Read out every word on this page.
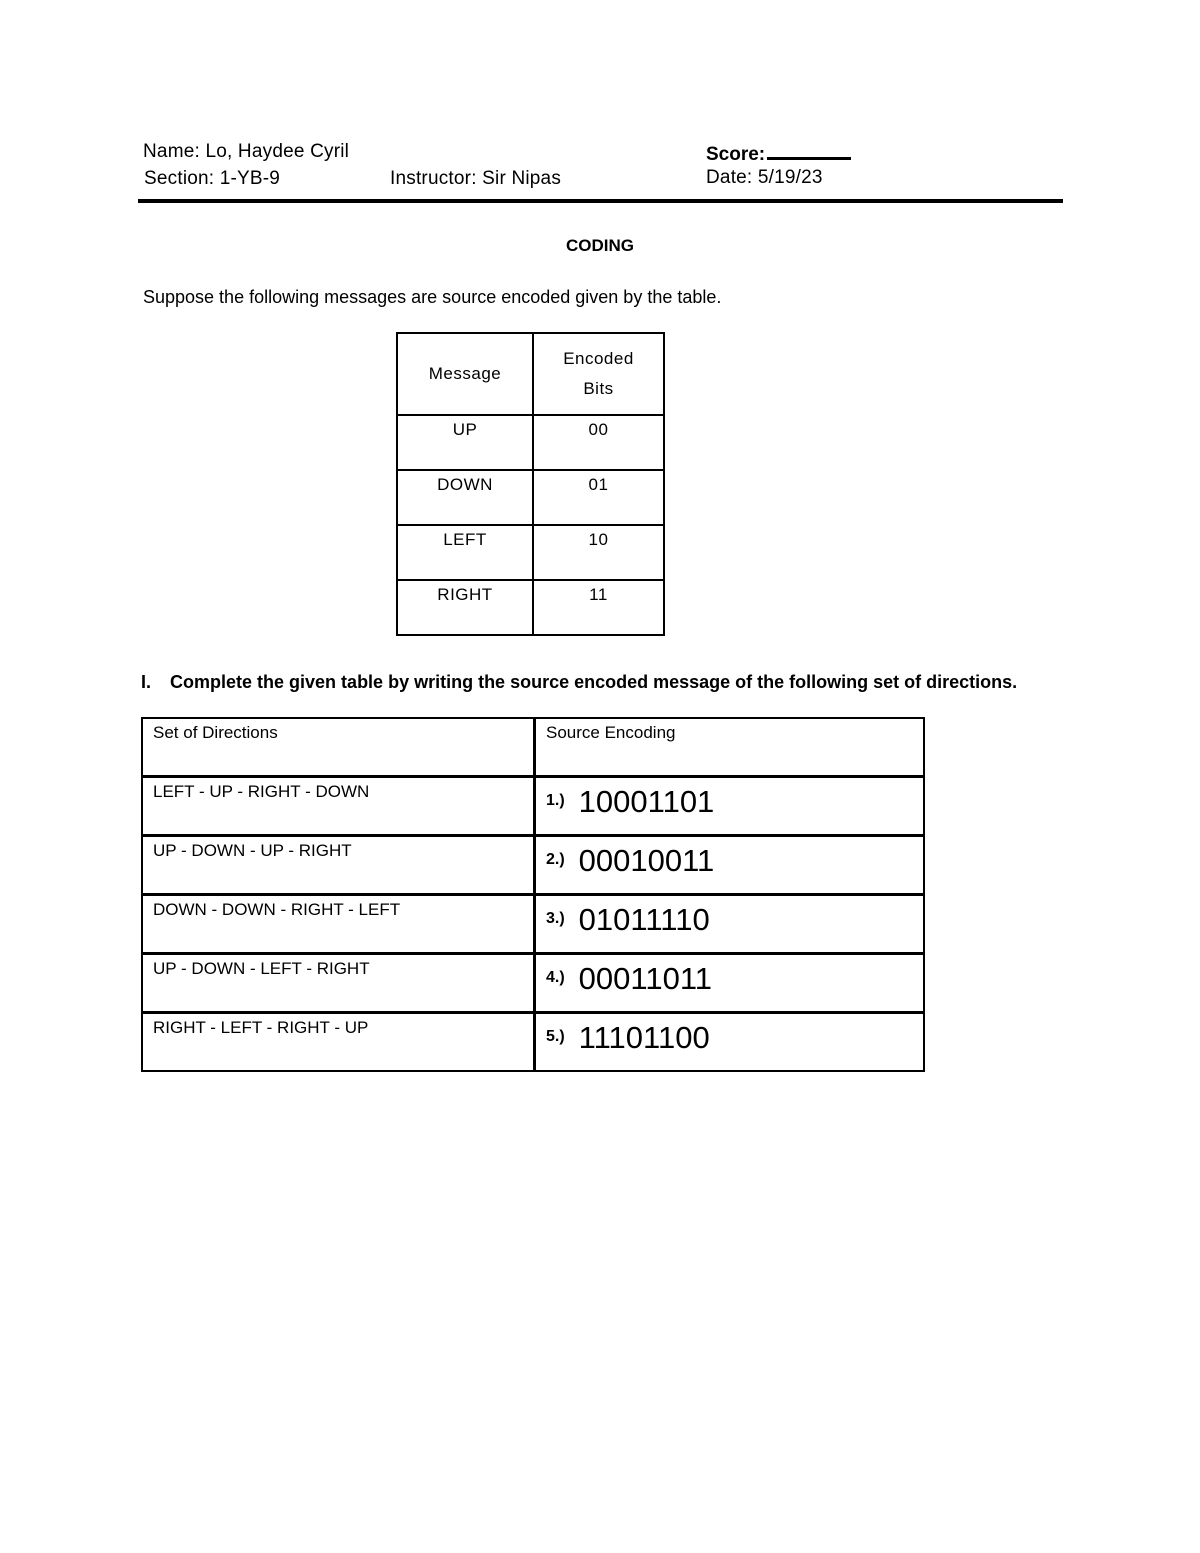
Name: Lo, Haydee Cyril
Section: 1-YB-9	Instructor: Sir Nipas
Score:
Date: 5/19/23
CODING
Suppose the following messages are source encoded given by the table.
Message	Encoded
Bits
UP	00
DOWN	01
LEFT	10
RIGHT	11
I. Complete the given table by writing the source encoded message of the following set of directions.
Set of Directions	Source Encoding
LEFT - UP - RIGHT - DOWN	1.) 10001101
UP - DOWN - UP - RIGHT	2.) 00010011
DOWN - DOWN - RIGHT - LEFT	3.) 01011110
UP - DOWN - LEFT - RIGHT	4.) 00011011
RIGHT - LEFT - RIGHT - UP	5.) 11101100
